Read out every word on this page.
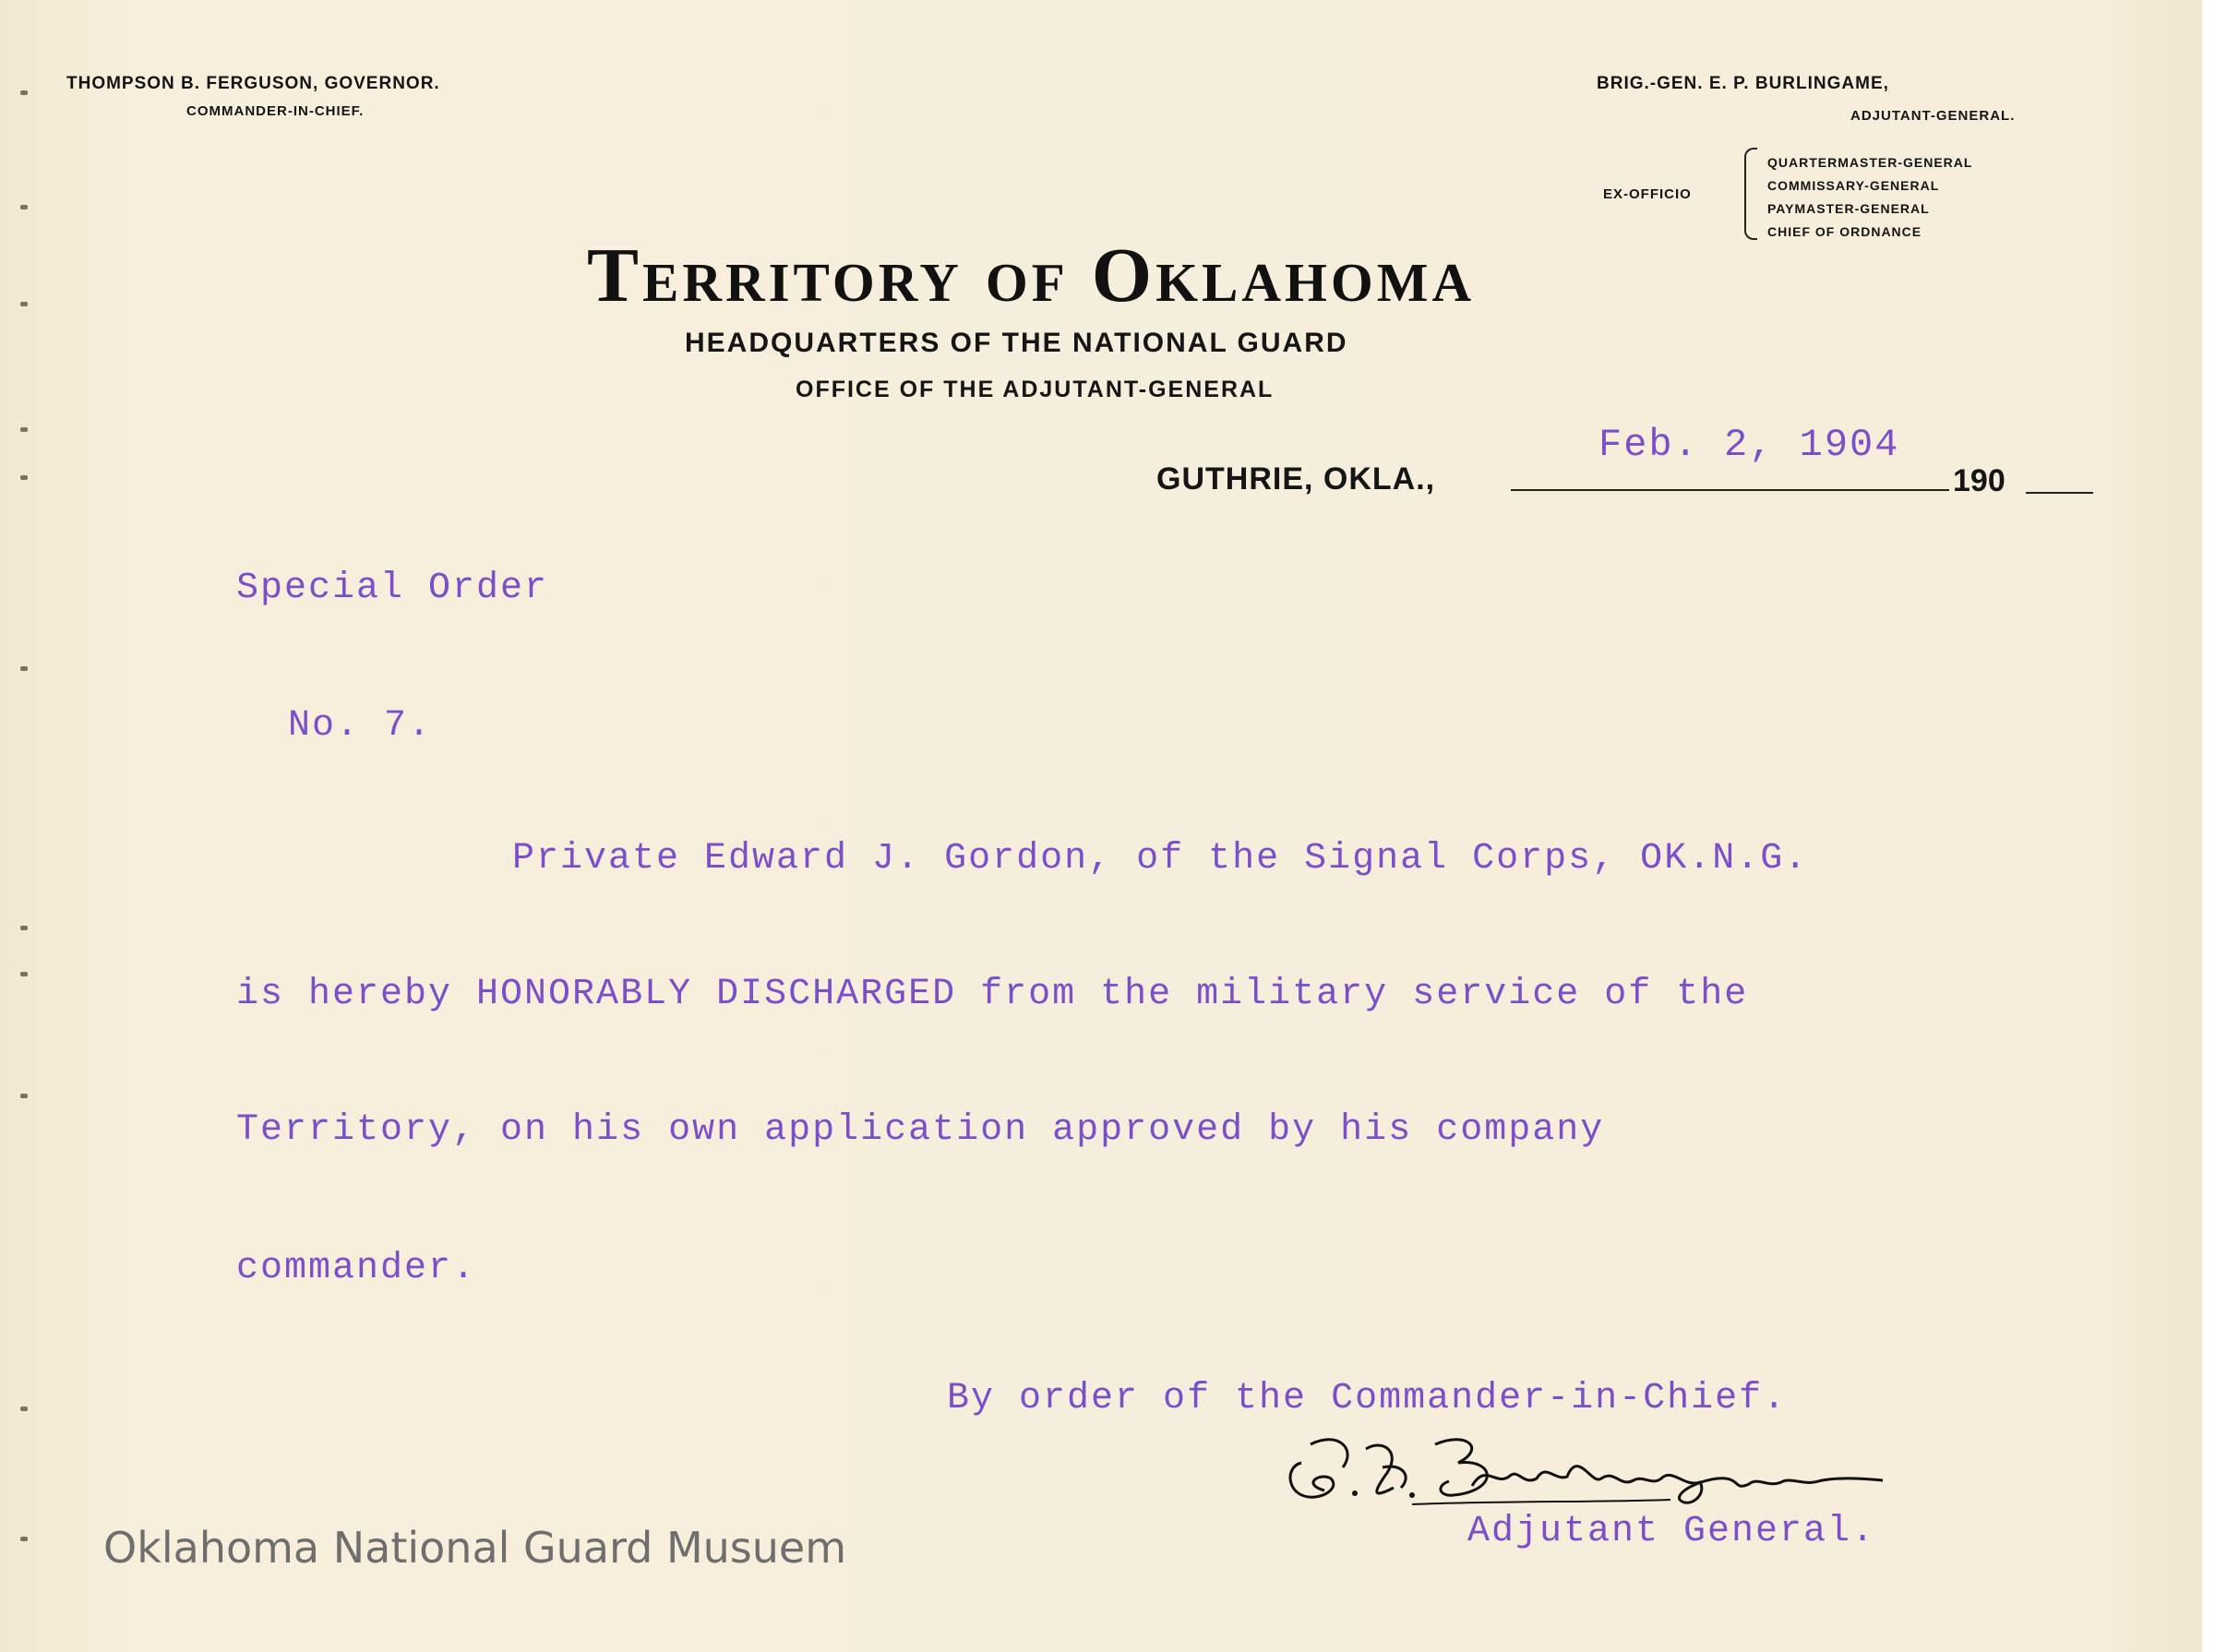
THOMPSON B. FERGUSON, GOVERNOR.
COMMANDER-IN-CHIEF.
BRIG.-GEN. E. P. BURLINGAME,
ADJUTANT-GENERAL.
EX-OFFICIO
QUARTERMASTER-GENERAL
COMMISSARY-GENERAL
PAYMASTER-GENERAL
CHIEF OF ORDNANCE
Territory of Oklahoma
HEADQUARTERS OF THE NATIONAL GUARD
OFFICE OF THE ADJUTANT-GENERAL
Feb. 2, 1904
GUTHRIE, OKLA.,	190
Special Order
No. 7.
Private Edward J. Gordon, of the Signal Corps, OK.N.G.
is hereby HONORABLY DISCHARGED from the military service of the
Territory, on his own application approved by his company
commander.
By order of the Commander-in-Chief.
Adjutant General.
Oklahoma National Guard Musuem
